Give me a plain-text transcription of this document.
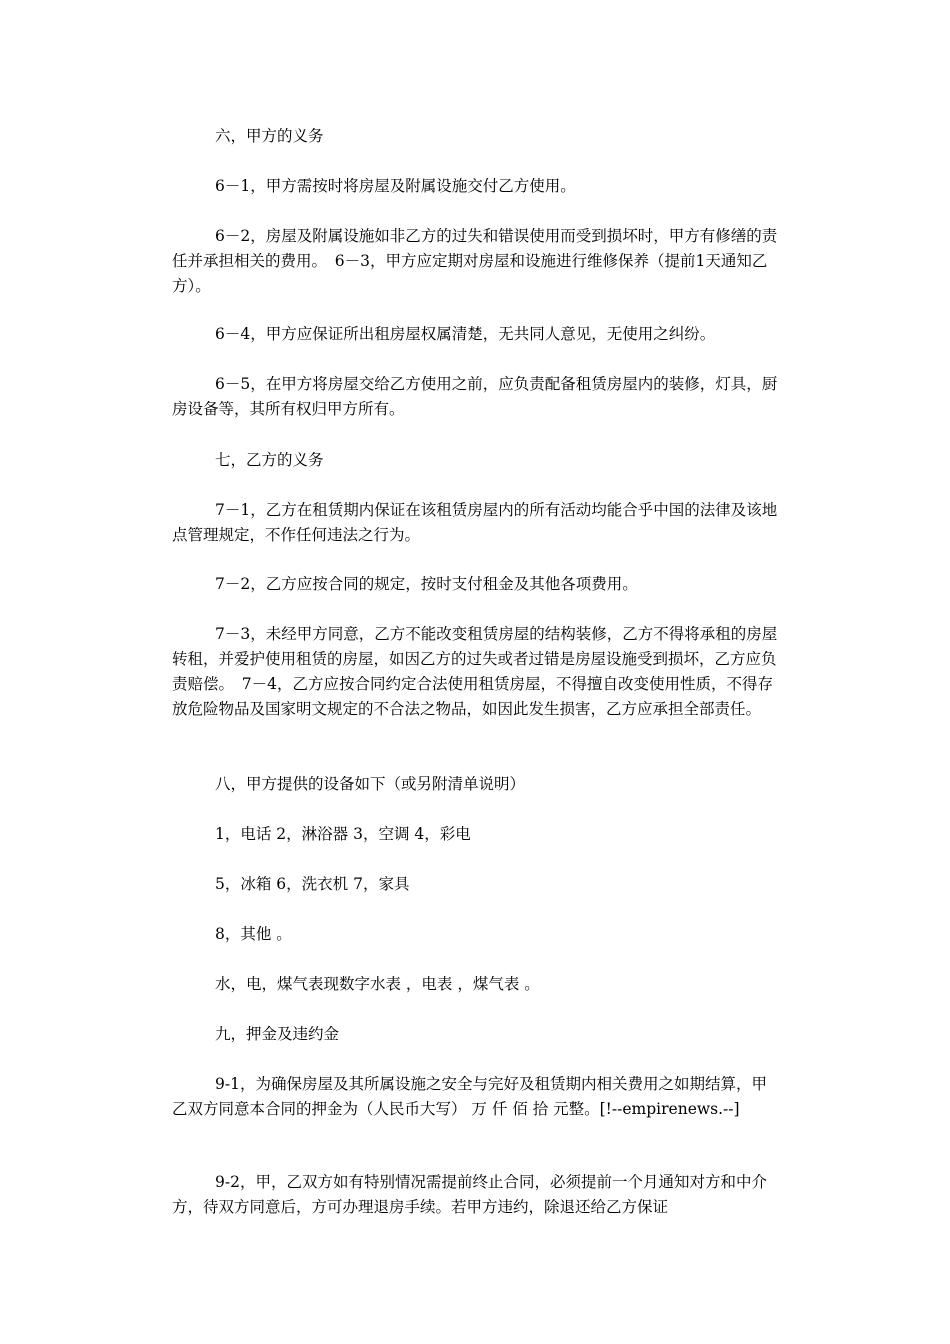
六，甲方的义务

6－1，甲方需按时将房屋及附属设施交付乙方使用。

6－2，房屋及附属设施如非乙方的过失和错误使用而受到损坏时，甲方有修缮的责任并承担相关的费用。　6－3，甲方应定期对房屋和设施进行维修保养（提前1天通知乙方）。

6－4，甲方应保证所出租房屋权属清楚，无共同人意见，无使用之纠纷。

6－5，在甲方将房屋交给乙方使用之前，应负责配备租赁房屋内的装修，灯具，厨房设备等，其所有权归甲方所有。

七，乙方的义务

7－1，乙方在租赁期内保证在该租赁房屋内的所有活动均能合乎中国的法律及该地点管理规定，不作任何违法之行为。

7－2，乙方应按合同的规定，按时支付租金及其他各项费用。

7－3，未经甲方同意，乙方不能改变租赁房屋的结构装修，乙方不得将承租的房屋转租，并爱护使用租赁的房屋，如因乙方的过失或者过错是房屋设施受到损坏，乙方应负责赔偿。　7－4，乙方应按合同约定合法使用租赁房屋，不得擅自改变使用性质，不得存放危险物品及国家明文规定的不合法之物品，如因此发生损害，乙方应承担全部责任。

八，甲方提供的设备如下（或另附清单说明）

1，电话 2，淋浴器 3，空调 4，彩电

5，冰箱 6，洗衣机 7，家具

8，其他 。

水，电，煤气表现数字水表 ，电表 ，煤气表 。

九，押金及违约金

9-1，为确保房屋及其所属设施之安全与完好及租赁期内相关费用之如期结算，甲乙双方同意本合同的押金为（人民币大写） 万 仟 佰 拾 元整。[!--empirenews.--]

9-2，甲，乙双方如有特别情况需提前终止合同，必须提前一个月通知对方和中介方，待双方同意后，方可办理退房手续。若甲方违约，除退还给乙方保证
